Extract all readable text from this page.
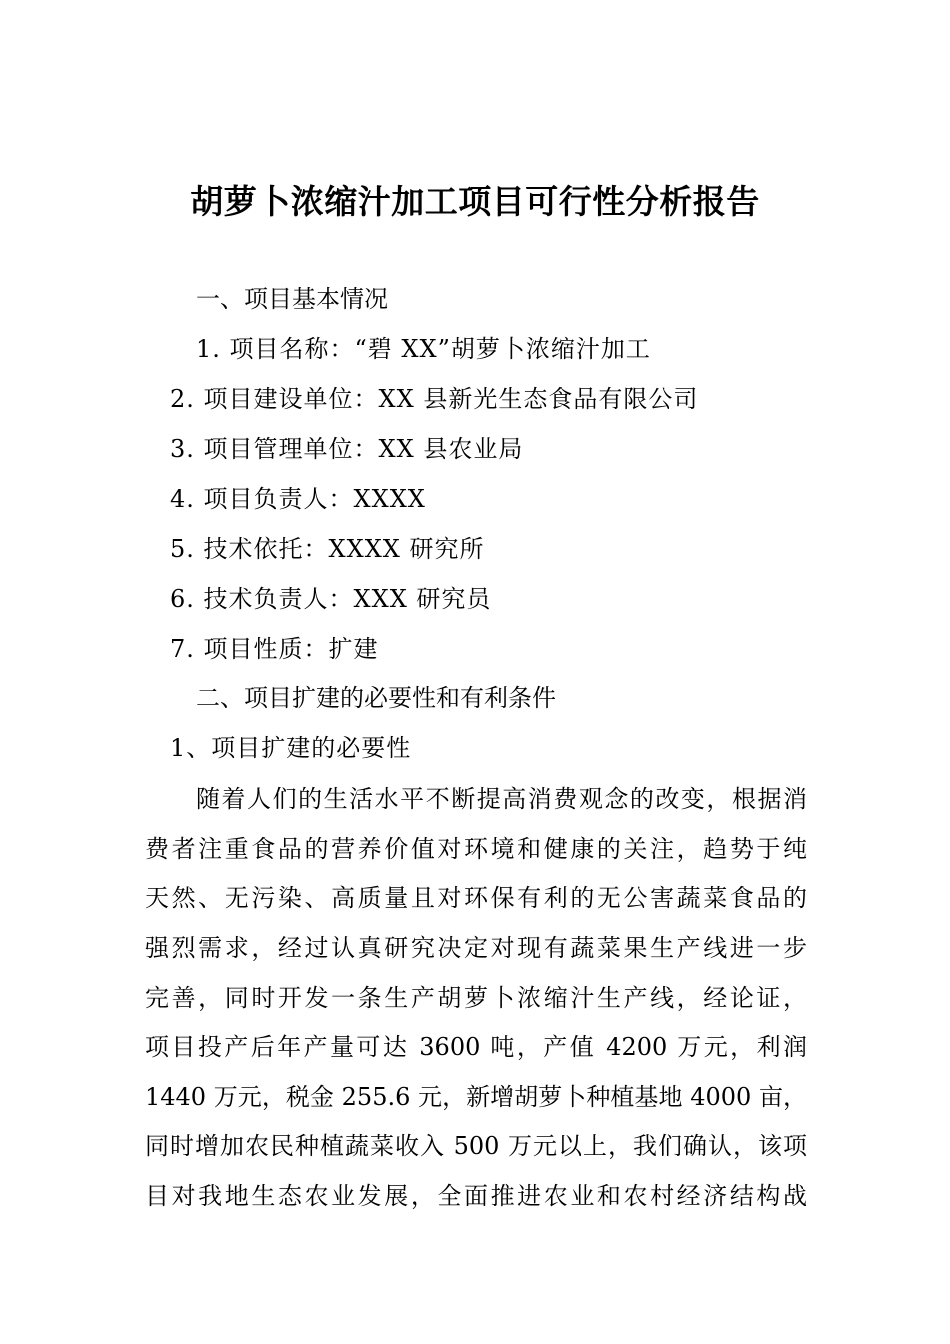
胡萝卜浓缩汁加工项目可行性分析报告
一、项目基本情况
1. 项目名称：“碧 XX”胡萝卜浓缩汁加工
2. 项目建设单位：XX 县新光生态食品有限公司
3. 项目管理单位：XX 县农业局
4. 项目负责人：XXXX
5. 技术依托：XXXX 研究所
6. 技术负责人：XXX 研究员
7. 项目性质：扩建
二、项目扩建的必要性和有利条件
1、项目扩建的必要性
随着人们的生活水平不断提高消费观念的改变，根据消
费者注重食品的营养价值对环境和健康的关注，趋势于纯
天然、无污染、高质量且对环保有利的无公害蔬菜食品的
强烈需求，经过认真研究决定对现有蔬菜果生产线进一步
完善，同时开发一条生产胡萝卜浓缩汁生产线，经论证，
项目投产后年产量可达 3600 吨，产值 4200 万元，利润
1440 万元，税金 255.6 元，新增胡萝卜种植基地 4000 亩，
同时增加农民种植蔬菜收入 500 万元以上，我们确认，该项
目对我地生态农业发展，全面推进农业和农村经济结构战
